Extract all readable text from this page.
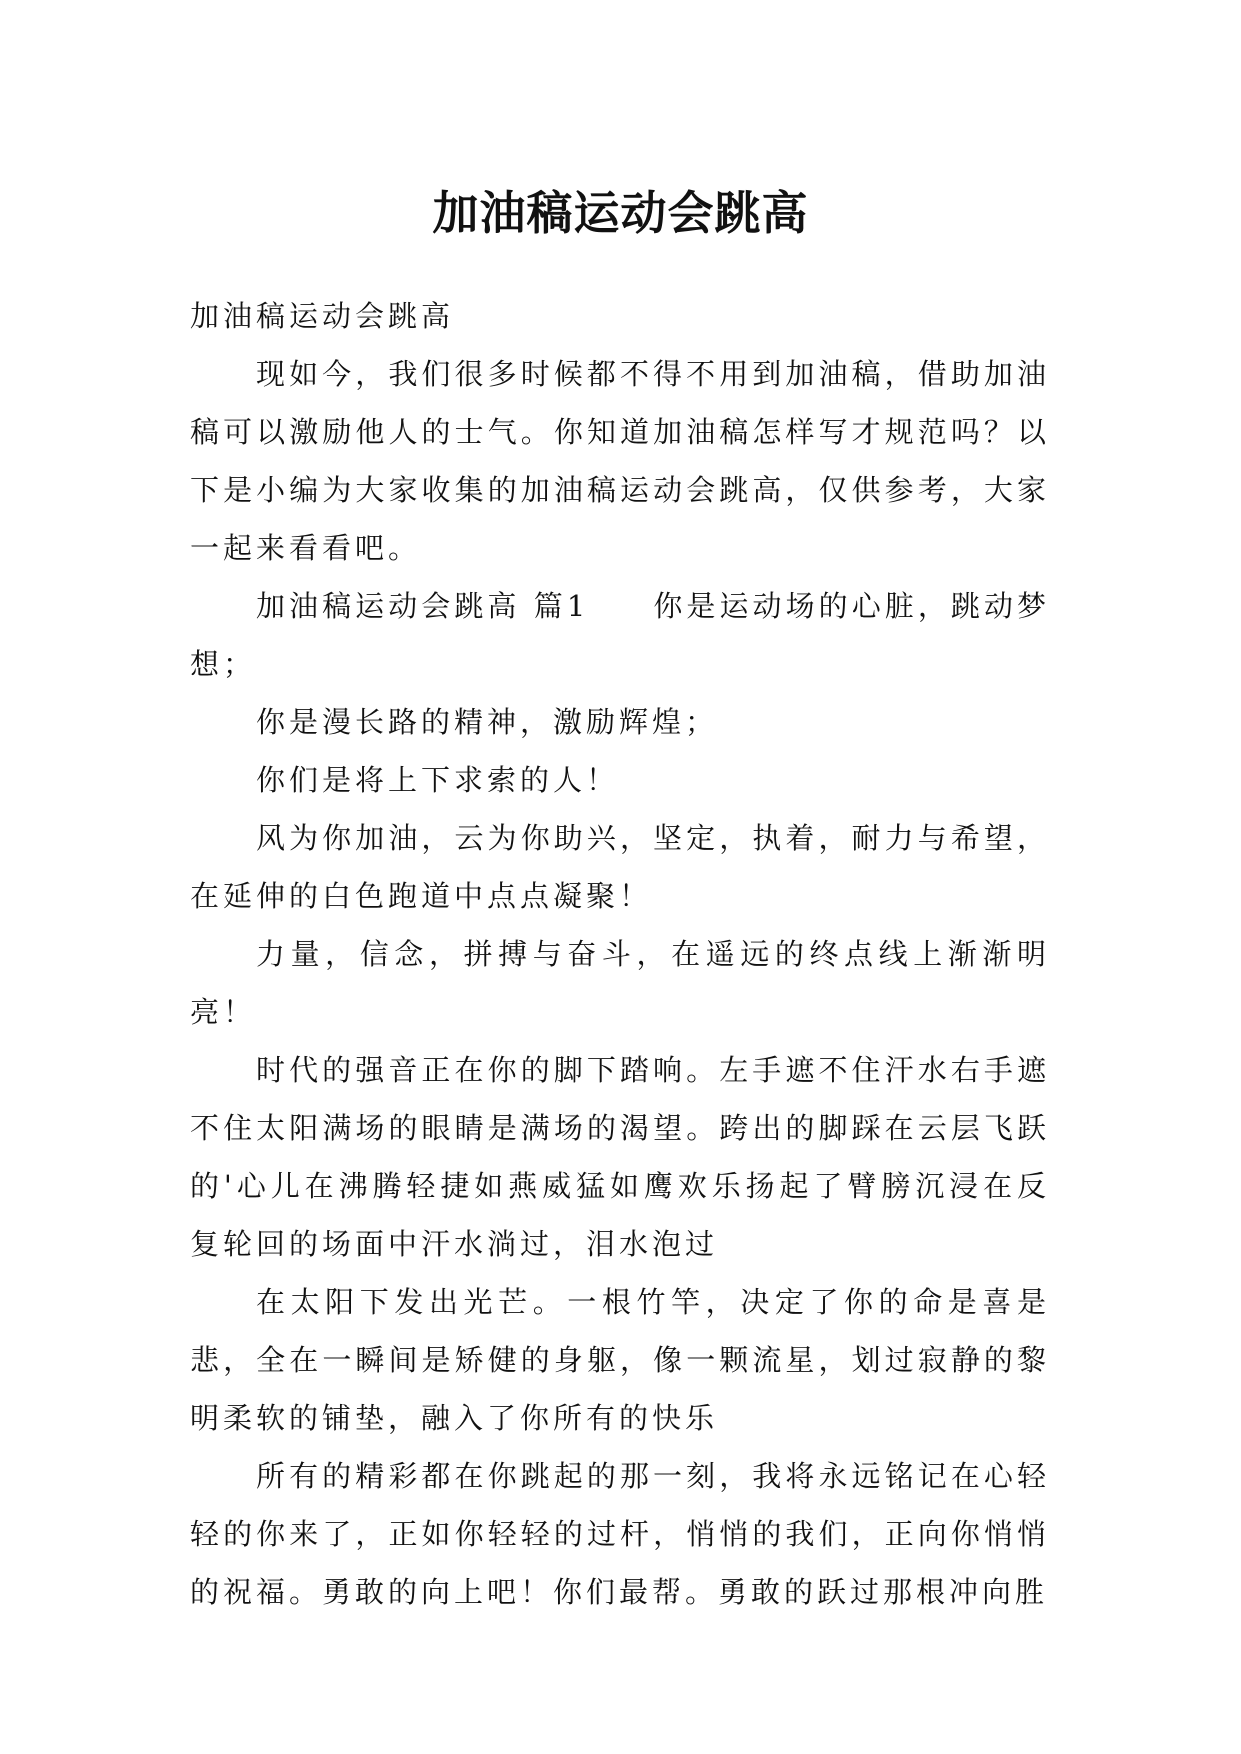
加油稿运动会跳高

加油稿运动会跳高

现如今，我们很多时候都不得不用到加油稿，借助加油稿可以激励他人的士气。你知道加油稿怎样写才规范吗？以下是小编为大家收集的加油稿运动会跳高，仅供参考，大家一起来看看吧。

加油稿运动会跳高 篇1 你是运动场的心脏，跳动梦想；

你是漫长路的精神，激励辉煌；

你们是将上下求索的人！

风为你加油，云为你助兴，坚定，执着，耐力与希望，在延伸的白色跑道中点点凝聚！

力量，信念，拼搏与奋斗，在遥远的终点线上渐渐明亮！

时代的强音正在你的脚下踏响。左手遮不住汗水右手遮不住太阳满场的眼睛是满场的渴望。跨出的脚踩在云层飞跃的'心儿在沸腾轻捷如燕威猛如鹰欢乐扬起了臂膀沉浸在反复轮回的场面中汗水淌过，泪水泡过

在太阳下发出光芒。一根竹竿，决定了你的命是喜是悲，全在一瞬间是矫健的身躯，像一颗流星，划过寂静的黎明柔软的铺垫，融入了你所有的快乐

所有的精彩都在你跳起的那一刻，我将永远铭记在心轻轻的你来了，正如你轻轻的过杆，悄悄的我们，正向你悄悄的祝福。勇敢的向上吧！你们最帮。勇敢的跃过那根冲向胜
